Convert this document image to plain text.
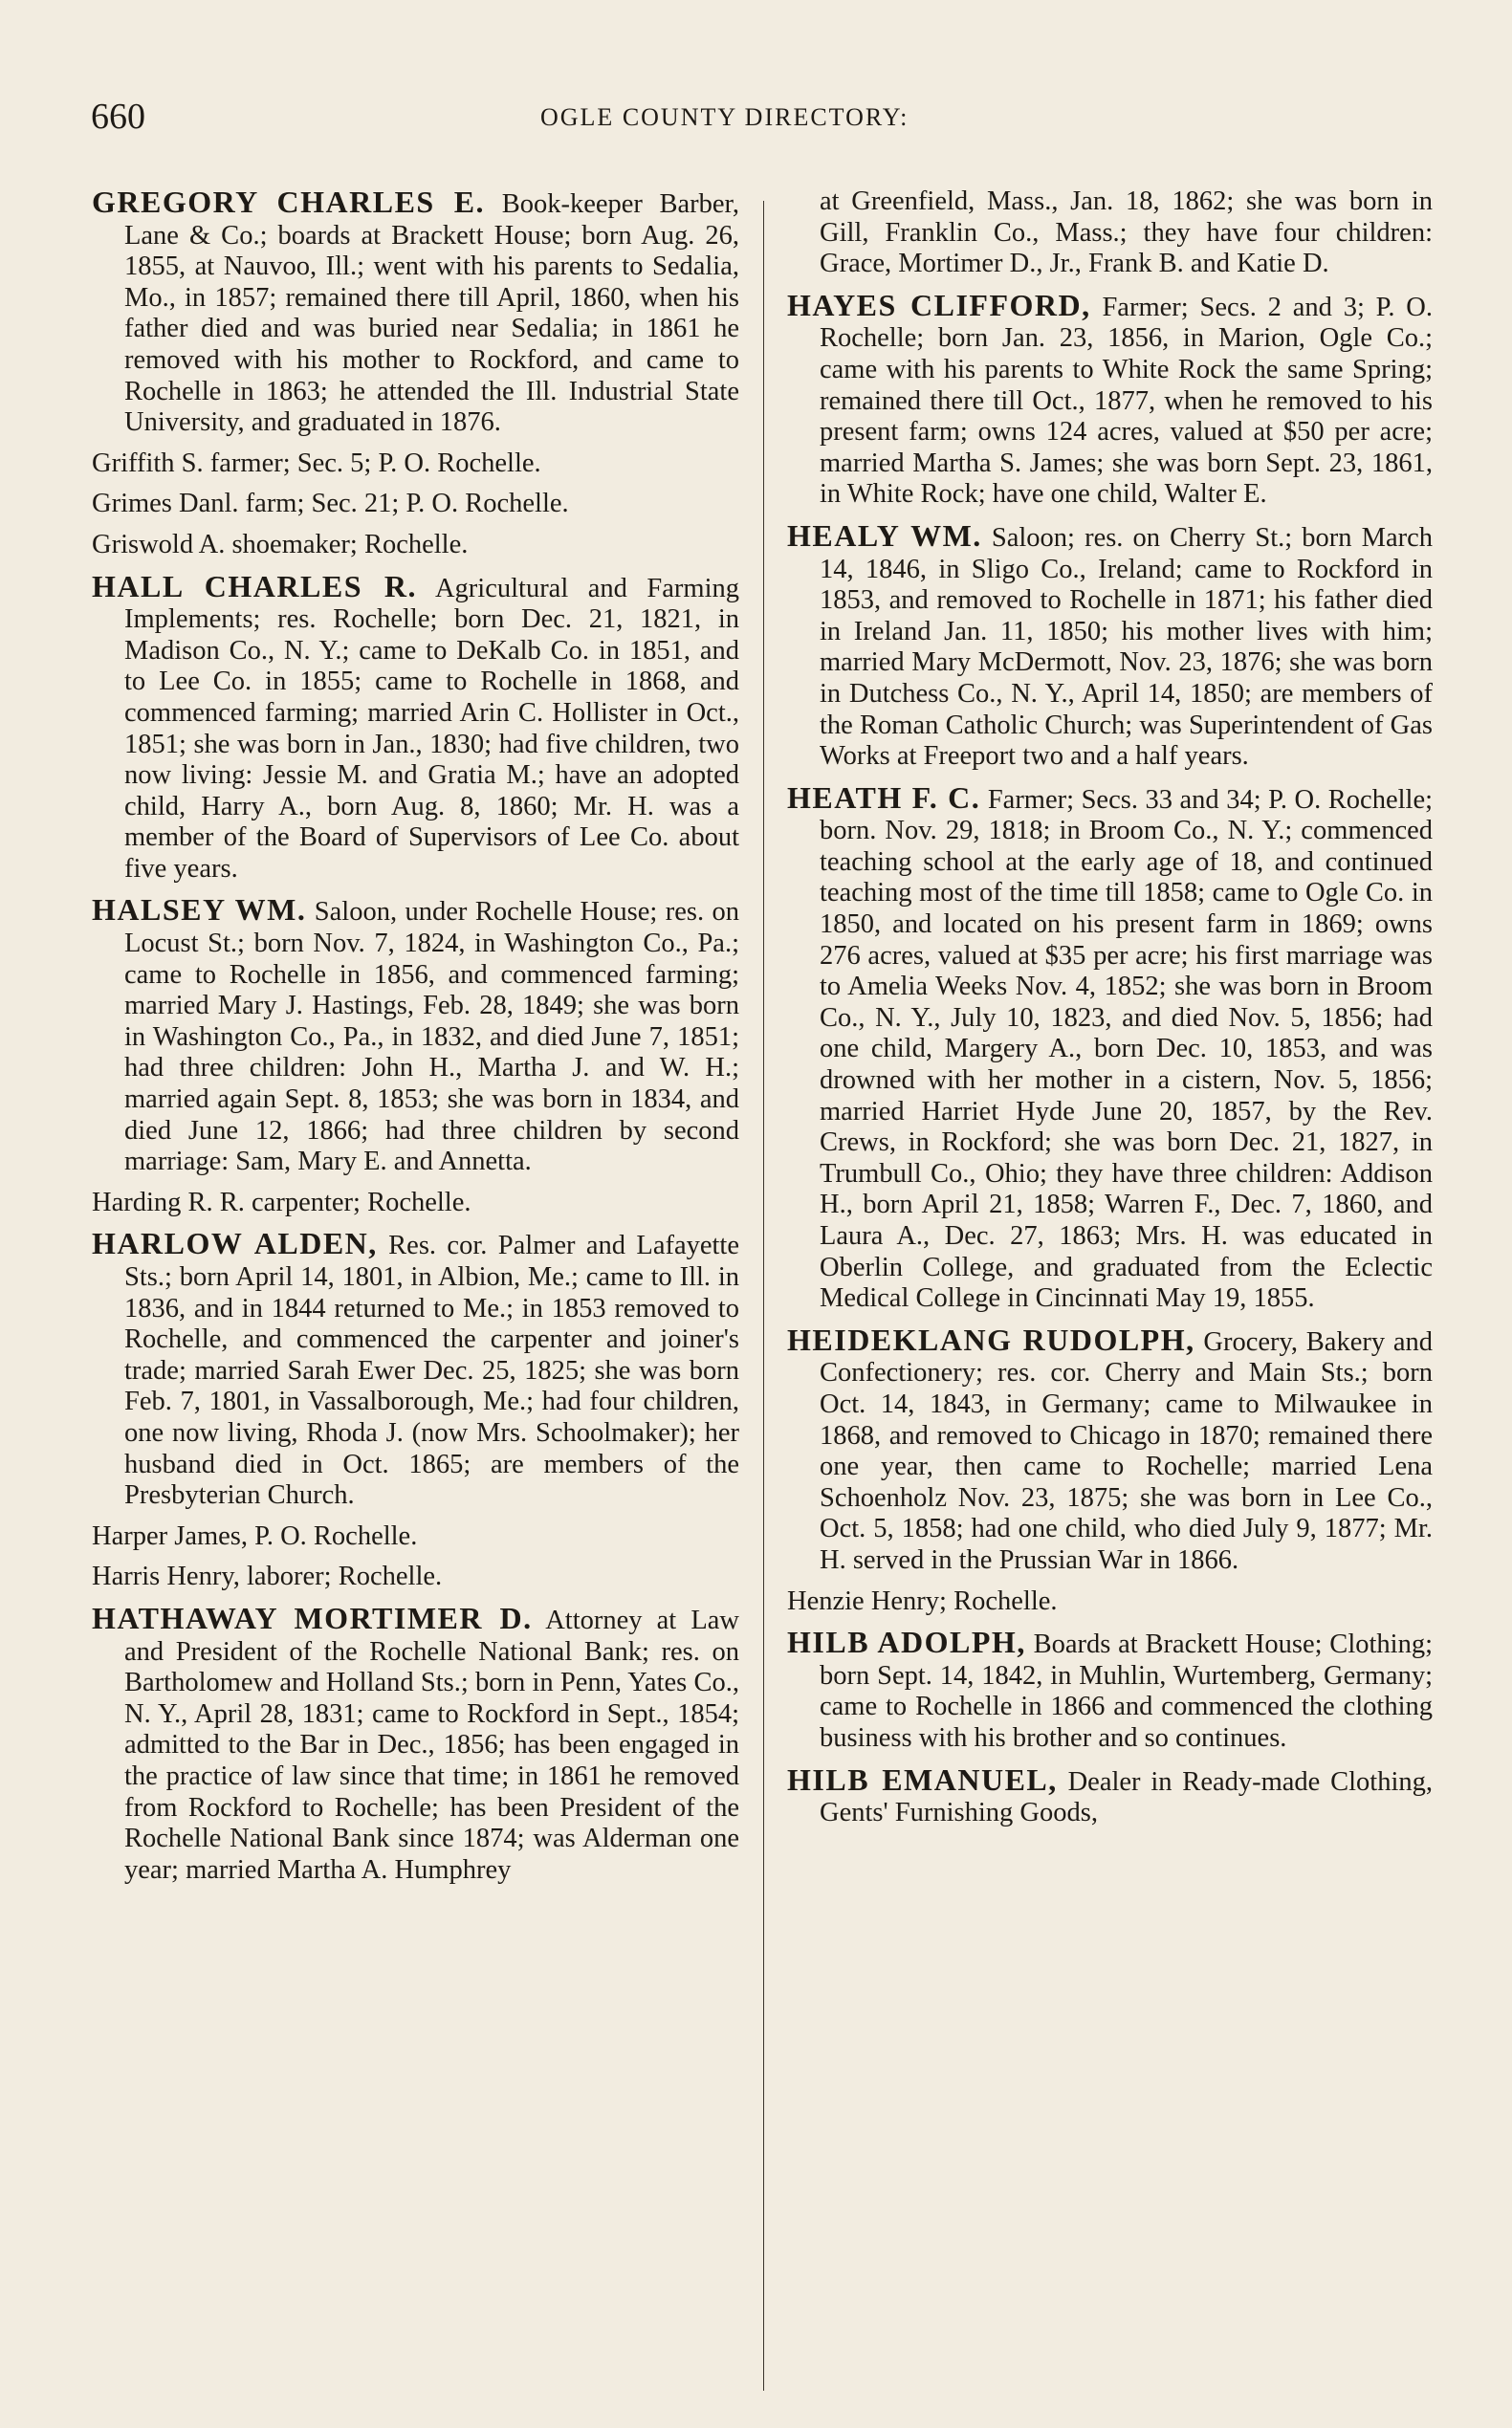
660	OGLE COUNTY DIRECTORY:

GREGORY CHARLES E. Book-keeper Barber, Lane & Co.; boards at Brackett House; born Aug. 26, 1855, at Nauvoo, Ill.; went with his parents to Sedalia, Mo., in 1857; remained there till April, 1860, when his father died and was buried near Sedalia; in 1861 he removed with his mother to Rockford, and came to Rochelle in 1863; he attended the Ill. Industrial State University, and graduated in 1876.

Griffith S. farmer; Sec. 5; P. O. Rochelle.

Grimes Danl. farm; Sec. 21; P. O. Rochelle.

Griswold A. shoemaker; Rochelle.

HALL CHARLES R. Agricultural and Farming Implements; res. Rochelle; born Dec. 21, 1821, in Madison Co., N. Y.; came to DeKalb Co. in 1851, and to Lee Co. in 1855; came to Rochelle in 1868, and commenced farming; married Arin C. Hollister in Oct., 1851; she was born in Jan., 1830; had five children, two now living: Jessie M. and Gratia M.; have an adopted child, Harry A., born Aug. 8, 1860; Mr. H. was a member of the Board of Supervisors of Lee Co. about five years.

HALSEY WM. Saloon, under Rochelle House; res. on Locust St.; born Nov. 7, 1824, in Washington Co., Pa.; came to Rochelle in 1856, and commenced farming; married Mary J. Hastings, Feb. 28, 1849; she was born in Washington Co., Pa., in 1832, and died June 7, 1851; had three children: John H., Martha J. and W. H.; married again Sept. 8, 1853; she was born in 1834, and died June 12, 1866; had three children by second marriage: Sam, Mary E. and Annetta.

Harding R. R. carpenter; Rochelle.

HARLOW ALDEN, Res. cor. Palmer and Lafayette Sts.; born April 14, 1801, in Albion, Me.; came to Ill. in 1836, and in 1844 returned to Me.; in 1853 removed to Rochelle, and commenced the carpenter and joiner's trade; married Sarah Ewer Dec. 25, 1825; she was born Feb. 7, 1801, in Vassalborough, Me.; had four children, one now living, Rhoda J. (now Mrs. Schoolmaker); her husband died in Oct. 1865; are members of the Presbyterian Church.

Harper James, P. O. Rochelle.

Harris Henry, laborer; Rochelle.

HATHAWAY MORTIMER D. Attorney at Law and President of the Rochelle National Bank; res. on Bartholomew and Holland Sts.; born in Penn, Yates Co., N. Y., April 28, 1831; came to Rockford in Sept., 1854; admitted to the Bar in Dec., 1856; has been engaged in the practice of law since that time; in 1861 he removed from Rockford to Rochelle; has been President of the Rochelle National Bank since 1874; was Alderman one year; married Martha A. Humphrey

at Greenfield, Mass., Jan. 18, 1862; she was born in Gill, Franklin Co., Mass.; they have four children: Grace, Mortimer D., Jr., Frank B. and Katie D.

HAYES CLIFFORD, Farmer; Secs. 2 and 3; P. O. Rochelle; born Jan. 23, 1856, in Marion, Ogle Co.; came with his parents to White Rock the same Spring; remained there till Oct., 1877, when he removed to his present farm; owns 124 acres, valued at $50 per acre; married Martha S. James; she was born Sept. 23, 1861, in White Rock; have one child, Walter E.

HEALY WM. Saloon; res. on Cherry St.; born March 14, 1846, in Sligo Co., Ireland; came to Rockford in 1853, and removed to Rochelle in 1871; his father died in Ireland Jan. 11, 1850; his mother lives with him; married Mary McDermott, Nov. 23, 1876; she was born in Dutchess Co., N. Y., April 14, 1850; are members of the Roman Catholic Church; was Superintendent of Gas Works at Freeport two and a half years.

HEATH F. C. Farmer; Secs. 33 and 34; P. O. Rochelle; born. Nov. 29, 1818; in Broom Co., N. Y.; commenced teaching school at the early age of 18, and continued teaching most of the time till 1858; came to Ogle Co. in 1850, and located on his present farm in 1869; owns 276 acres, valued at $35 per acre; his first marriage was to Amelia Weeks Nov. 4, 1852; she was born in Broom Co., N. Y., July 10, 1823, and died Nov. 5, 1856; had one child, Margery A., born Dec. 10, 1853, and was drowned with her mother in a cistern, Nov. 5, 1856; married Harriet Hyde June 20, 1857, by the Rev. Crews, in Rockford; she was born Dec. 21, 1827, in Trumbull Co., Ohio; they have three children: Addison H., born April 21, 1858; Warren F., Dec. 7, 1860, and Laura A., Dec. 27, 1863; Mrs. H. was educated in Oberlin College, and graduated from the Eclectic Medical College in Cincinnati May 19, 1855.

HEIDEKLANG RUDOLPH, Grocery, Bakery and Confectionery; res. cor. Cherry and Main Sts.; born Oct. 14, 1843, in Germany; came to Milwaukee in 1868, and removed to Chicago in 1870; remained there one year, then came to Rochelle; married Lena Schoenholz Nov. 23, 1875; she was born in Lee Co., Oct. 5, 1858; had one child, who died July 9, 1877; Mr. H. served in the Prussian War in 1866.

Henzie Henry; Rochelle.

HILB ADOLPH, Boards at Brackett House; Clothing; born Sept. 14, 1842, in Muhlin, Wurtemberg, Germany; came to Rochelle in 1866 and commenced the clothing business with his brother and so continues.

HILB EMANUEL, Dealer in Ready-made Clothing, Gents' Furnishing Goods,
